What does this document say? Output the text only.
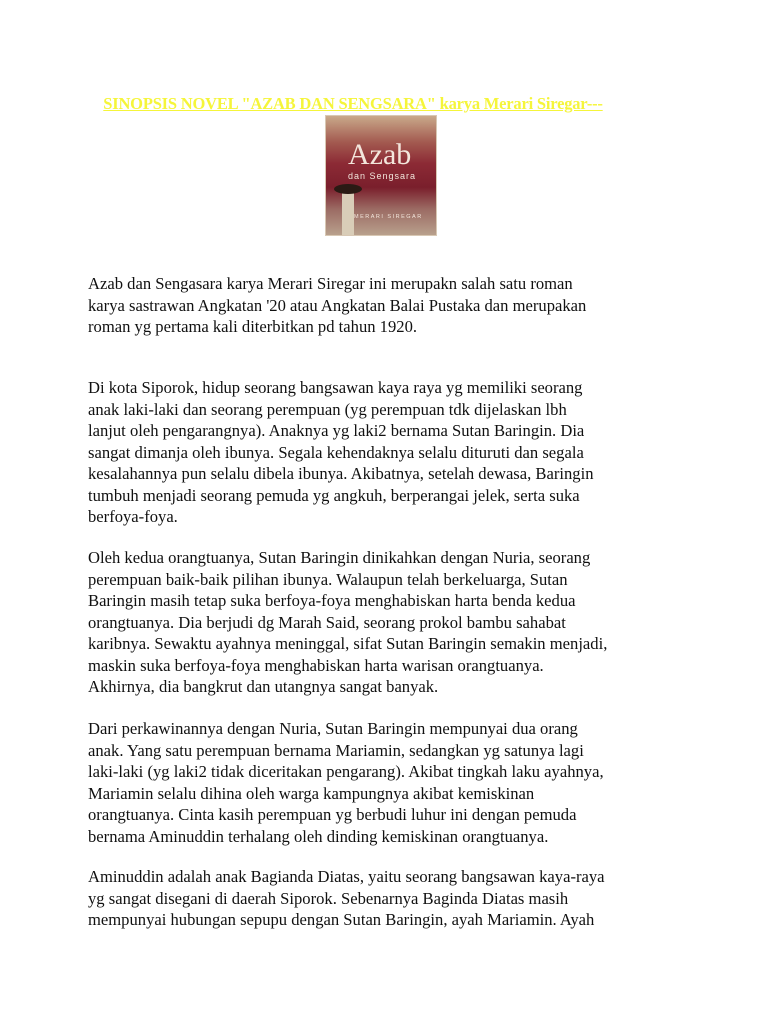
SINOPSIS NOVEL "AZAB DAN SENGSARA" karya Merari Siregar---
Azab
dan Sengsara
MERARI SIREGAR
Azab dan Sengasara karya Merari Siregar ini merupakn salah satu roman
karya sastrawan Angkatan '20 atau Angkatan Balai Pustaka dan merupakan
roman yg pertama kali diterbitkan pd tahun 1920.
Di kota Siporok, hidup seorang bangsawan kaya raya yg memiliki seorang
anak laki-laki dan seorang perempuan (yg perempuan tdk dijelaskan lbh
lanjut oleh pengarangnya). Anaknya yg laki2 bernama Sutan Baringin. Dia
sangat dimanja oleh ibunya. Segala kehendaknya selalu dituruti dan segala
kesalahannya pun selalu dibela ibunya. Akibatnya, setelah dewasa, Baringin
tumbuh menjadi seorang pemuda yg angkuh, berperangai jelek, serta suka
berfoya-foya.
Oleh kedua orangtuanya, Sutan Baringin dinikahkan dengan Nuria, seorang
perempuan baik-baik pilihan ibunya. Walaupun telah berkeluarga, Sutan
Baringin masih tetap suka berfoya-foya menghabiskan harta benda kedua
orangtuanya. Dia berjudi dg Marah Said, seorang prokol bambu sahabat
karibnya. Sewaktu ayahnya meninggal, sifat Sutan Baringin semakin menjadi,
maskin suka berfoya-foya menghabiskan harta warisan orangtuanya.
Akhirnya, dia bangkrut dan utangnya sangat banyak.
Dari perkawinannya dengan Nuria, Sutan Baringin mempunyai dua orang
anak. Yang satu perempuan bernama Mariamin, sedangkan yg satunya lagi
laki-laki (yg laki2 tidak diceritakan pengarang). Akibat tingkah laku ayahnya,
Mariamin selalu dihina oleh warga kampungnya akibat kemiskinan
orangtuanya. Cinta kasih perempuan yg berbudi luhur ini dengan pemuda
bernama Aminuddin terhalang oleh dinding kemiskinan orangtuanya.
Aminuddin adalah anak Bagianda Diatas, yaitu seorang bangsawan kaya-raya
yg sangat disegani di daerah Siporok. Sebenarnya Baginda Diatas masih
mempunyai hubungan sepupu dengan Sutan Baringin, ayah Mariamin. Ayah
